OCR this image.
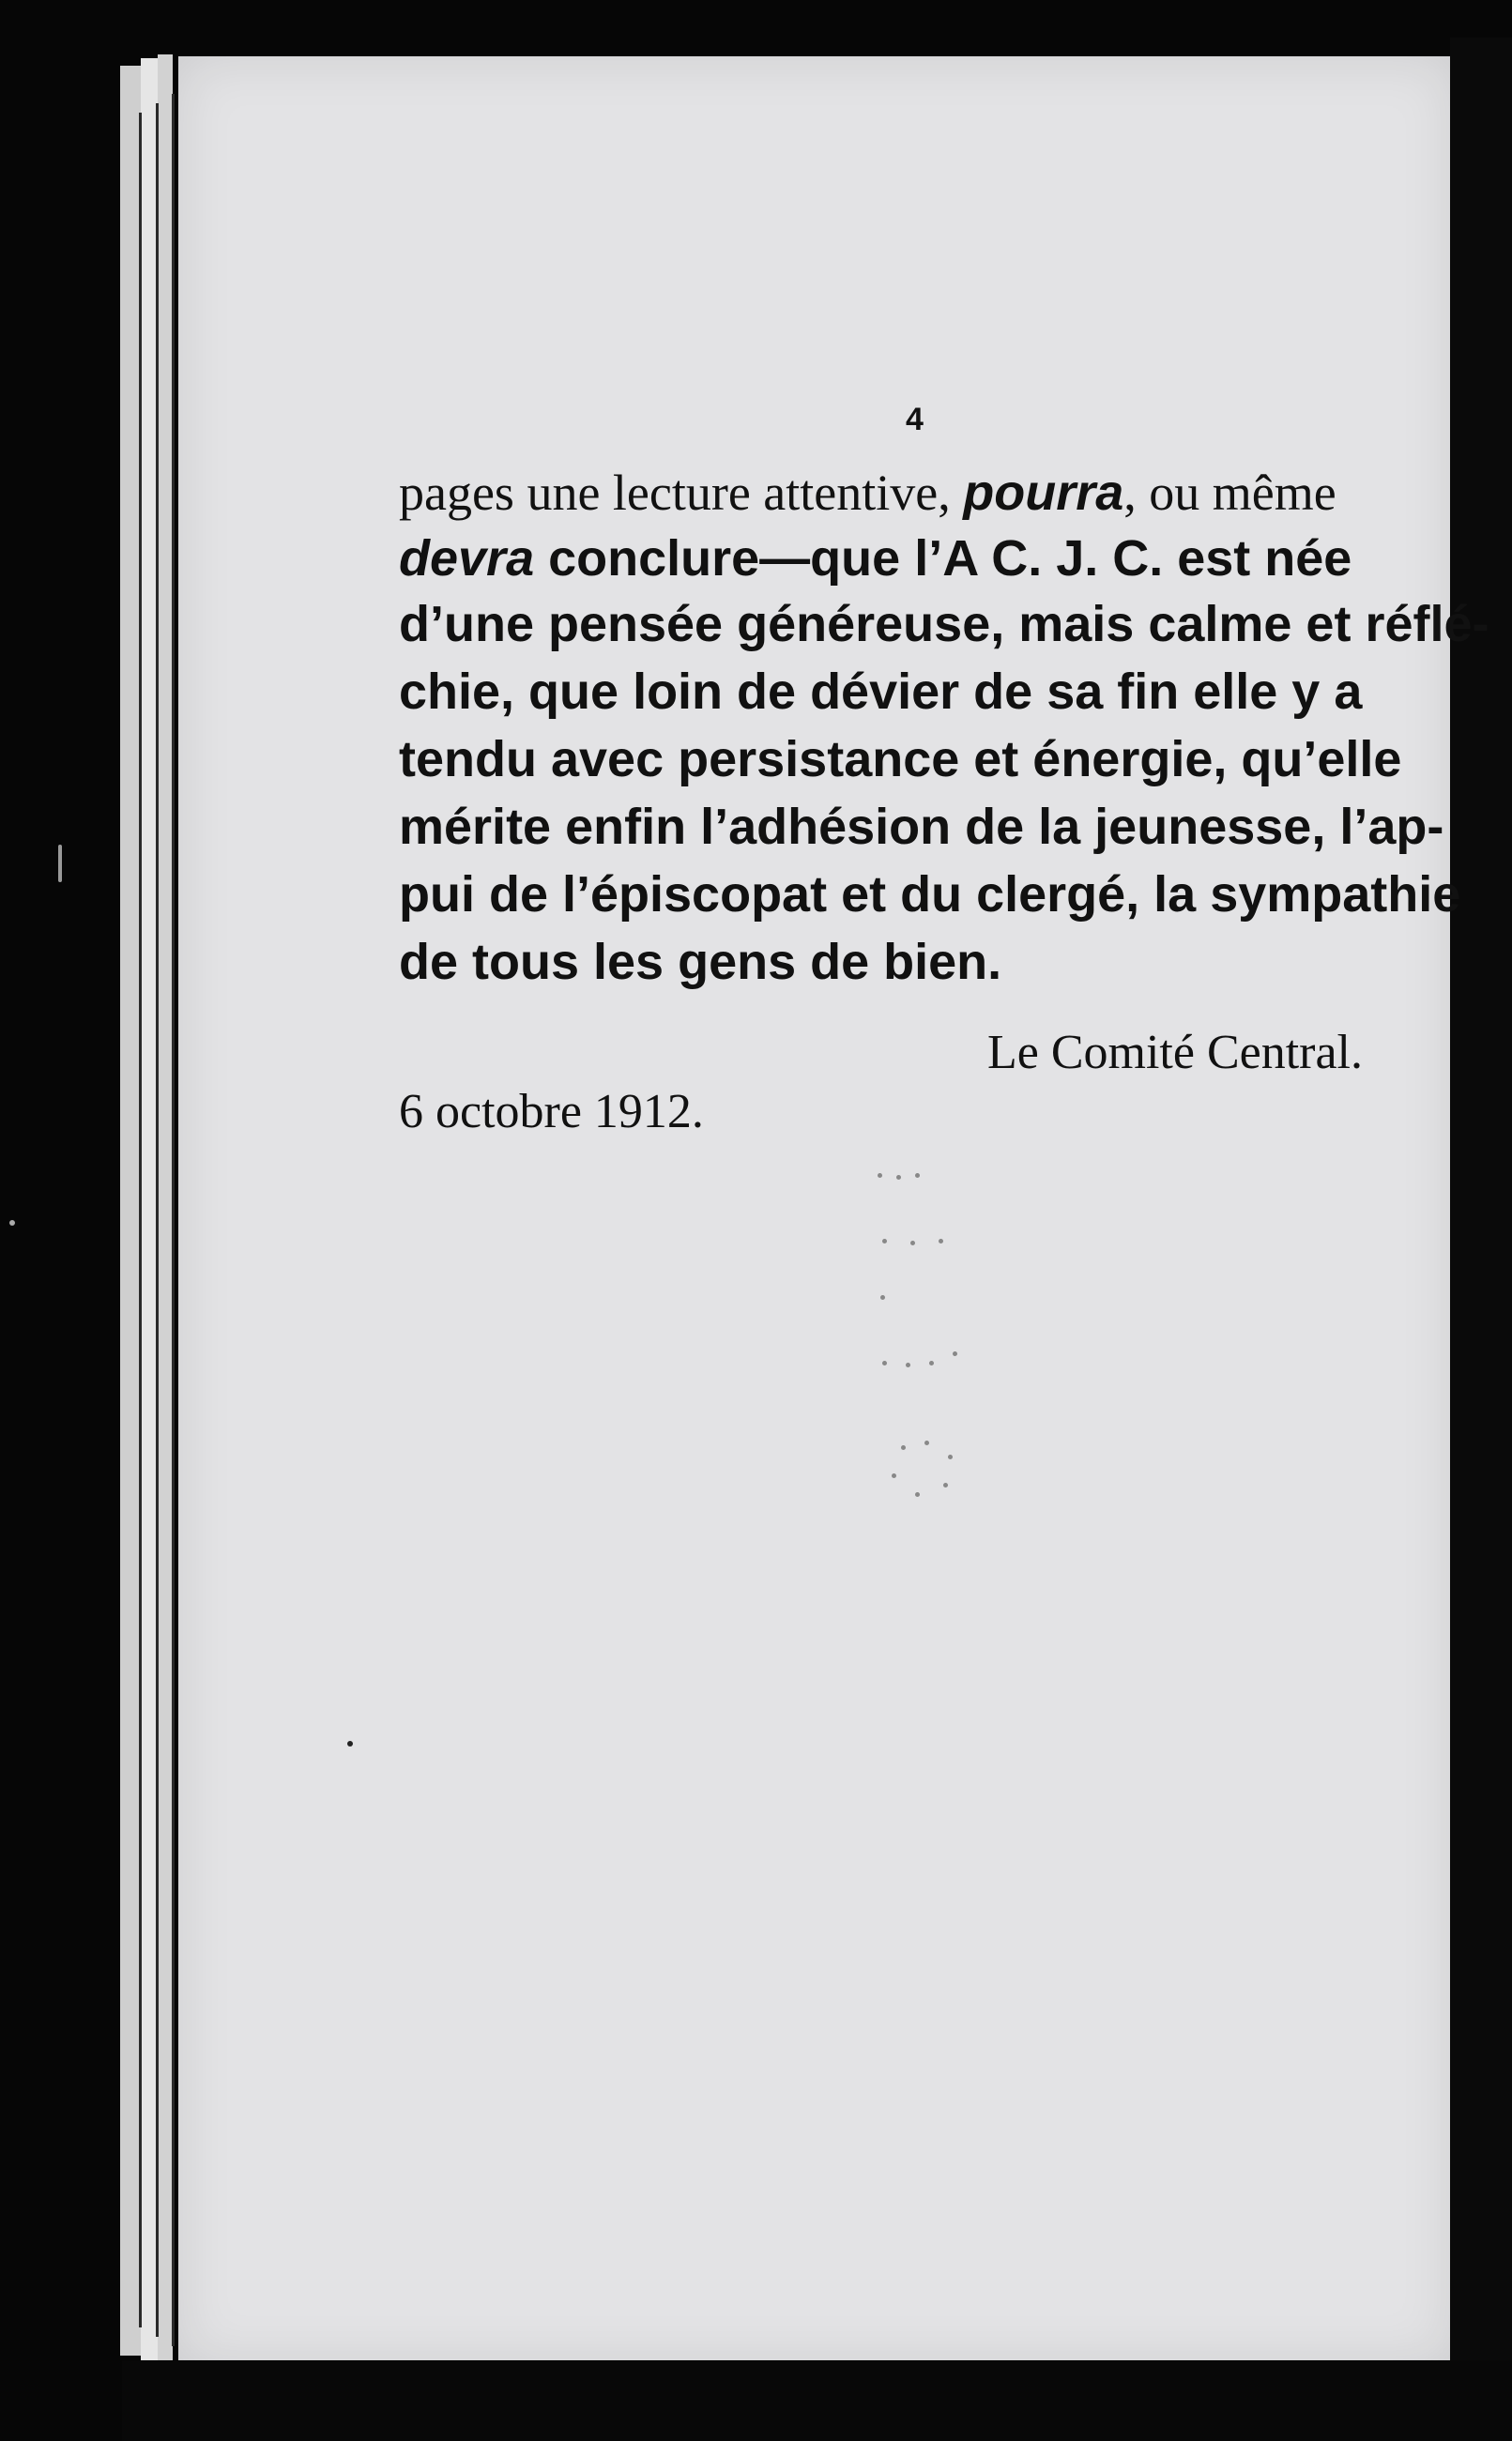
4
pages une lecture attentive, pourra, ou même
devra conclure—que l’A C. J. C. est née
d’une pensée généreuse, mais calme et réflé-
chie, que loin de dévier de sa fin elle y a
tendu avec persistance et énergie, qu’elle
mérite enfin l’adhésion de la jeunesse, l’ap-
pui de l’épiscopat et du clergé, la sympathie
de tous les gens de bien.
Le Comité Central.
6 octobre 1912.
